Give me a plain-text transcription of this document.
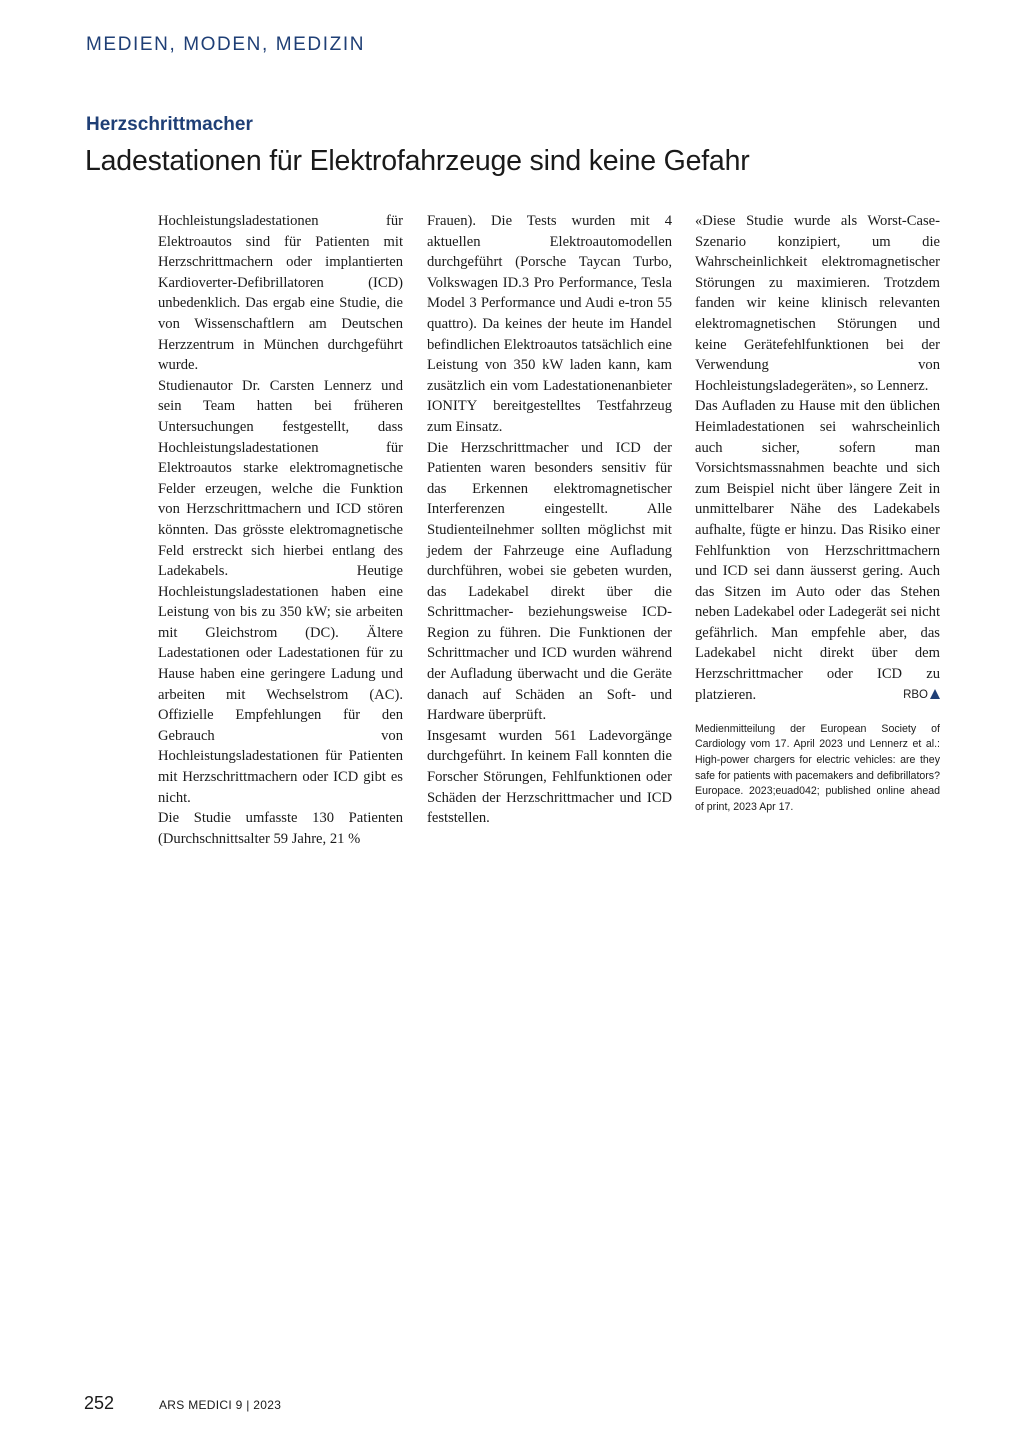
MEDIEN, MODEN, MEDIZIN
Herzschrittmacher
Ladestationen für Elektrofahrzeuge sind keine Gefahr

Hochleistungsladestationen für Elektroautos sind für Patienten mit Herzschrittmachern oder implantierten Kardioverter-Defibrillatoren (ICD) unbedenklich. Das ergab eine Studie, die von Wissenschaftlern am Deutschen Herzzentrum in München durchgeführt wurde.

Studienautor Dr. Carsten Lennerz und sein Team hatten bei früheren Untersuchungen festgestellt, dass Hochleistungsladestationen für Elektroautos starke elektromagnetische Felder erzeugen, welche die Funktion von Herzschrittmachern und ICD stören könnten. Das grösste elektromagnetische Feld erstreckt sich hierbei entlang des Ladekabels. Heutige Hochleistungsladestationen haben eine Leistung von bis zu 350 kW; sie arbeiten mit Gleichstrom (DC). Ältere Ladestationen oder Ladestationen für zu Hause haben eine geringere Ladung und arbeiten mit Wechselstrom (AC). Offizielle Empfehlungen für den Gebrauch von Hochleistungsladestationen für Patienten mit Herzschrittmachern oder ICD gibt es nicht.

Die Studie umfasste 130 Patienten (Durchschnittsalter 59 Jahre, 21 %

Frauen). Die Tests wurden mit 4 aktuellen Elektroautomodellen durchgeführt (Porsche Taycan Turbo, Volkswagen ID.3 Pro Performance, Tesla Model 3 Performance und Audi e-tron 55 quattro). Da keines der heute im Handel befindlichen Elektroautos tatsächlich eine Leistung von 350 kW laden kann, kam zusätzlich ein vom Ladestationenanbieter IONITY bereitgestelltes Testfahrzeug zum Einsatz.

Die Herzschrittmacher und ICD der Patienten waren besonders sensitiv für das Erkennen elektromagnetischer Interferenzen eingestellt. Alle Studienteilnehmer sollten möglichst mit jedem der Fahrzeuge eine Aufladung durchführen, wobei sie gebeten wurden, das Ladekabel direkt über die Schrittmacher- beziehungsweise ICD-Region zu führen. Die Funktionen der Schrittmacher und ICD wurden während der Aufladung überwacht und die Geräte danach auf Schäden an Soft- und Hardware überprüft.

Insgesamt wurden 561 Ladevorgänge durchgeführt. In keinem Fall konnten die Forscher Störungen, Fehlfunktionen oder Schäden der Herzschrittmacher und ICD feststellen.

«Diese Studie wurde als Worst-Case-Szenario konzipiert, um die Wahrscheinlichkeit elektromagnetischer Störungen zu maximieren. Trotzdem fanden wir keine klinisch relevanten elektromagnetischen Störungen und keine Gerätefehlfunktionen bei der Verwendung von Hochleistungsladegeräten», so Lennerz.

Das Aufladen zu Hause mit den üblichen Heimladestationen sei wahrscheinlich auch sicher, sofern man Vorsichtsmassnahmen beachte und sich zum Beispiel nicht über längere Zeit in unmittelbarer Nähe des Ladekabels aufhalte, fügte er hinzu. Das Risiko einer Fehlfunktion von Herzschrittmachern und ICD sei dann äusserst gering. Auch das Sitzen im Auto oder das Stehen neben Ladekabel oder Ladegerät sei nicht gefährlich. Man empfehle aber, das Ladekabel nicht direkt über dem Herzschrittmacher oder ICD zu platzieren.	RBO
Medienmitteilung der European Society of Cardiology vom 17. April 2023 und Lennerz et al.: High-power chargers for electric vehicles: are they safe for patients with pacemakers and defibrillators? Europace. 2023;euad042; published online ahead of print, 2023 Apr 17.
252	ARS MEDICI 9 | 2023
